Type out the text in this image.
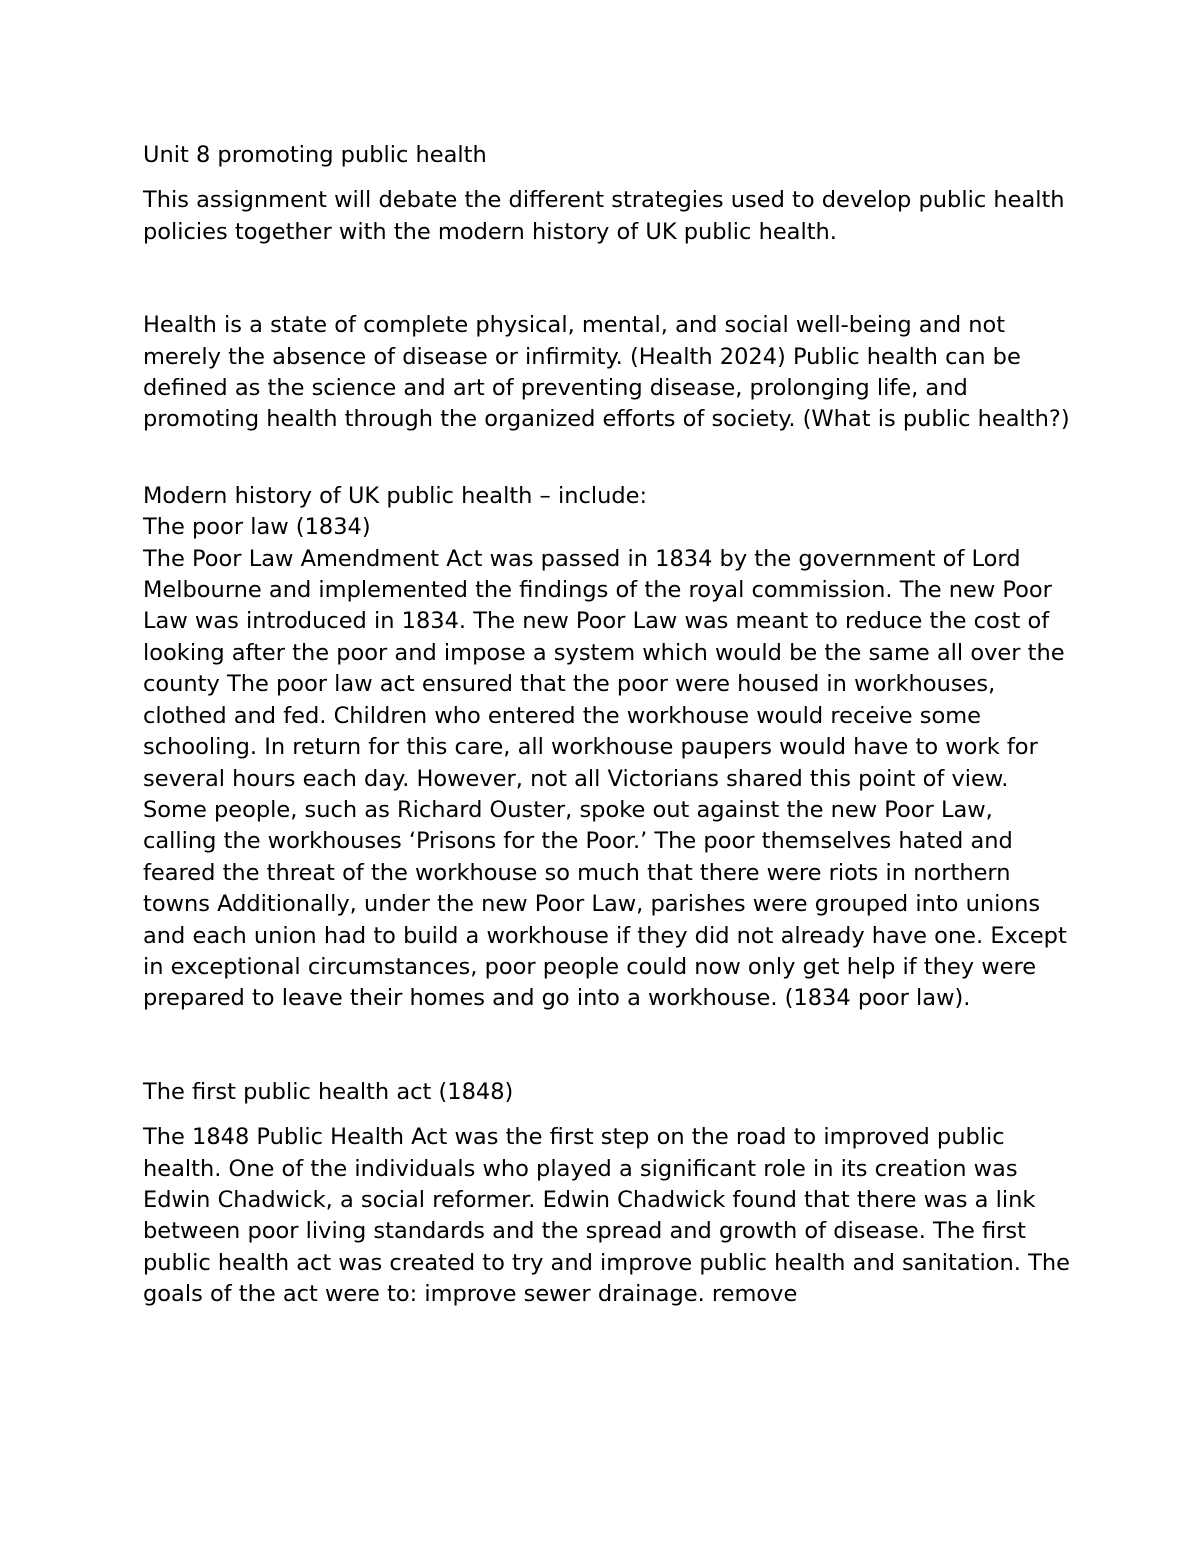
Unit 8 promoting public health

This assignment will debate the different strategies used to develop public health policies together with the modern history of UK public health.

Health is a state of complete physical, mental, and social well-being and not merely the absence of disease or infirmity. (Health 2024) Public health can be defined as the science and art of preventing disease, prolonging life, and promoting health through the organized efforts of society. (What is public health?)

Modern history of UK public health – include:

The poor law (1834)

The Poor Law Amendment Act was passed in 1834 by the government of Lord Melbourne and implemented the findings of the royal commission. The new Poor Law was introduced in 1834. The new Poor Law was meant to reduce the cost of looking after the poor and impose a system which would be the same all over the county The poor law act ensured that the poor were housed in workhouses, clothed and fed. Children who entered the workhouse would receive some schooling. In return for this care, all workhouse paupers would have to work for several hours each day. However, not all Victorians shared this point of view. Some people, such as Richard Ouster, spoke out against the new Poor Law, calling the workhouses ‘Prisons for the Poor.’ The poor themselves hated and feared the threat of the workhouse so much that there were riots in northern towns Additionally, under the new Poor Law, parishes were grouped into unions and each union had to build a workhouse if they did not already have one. Except in exceptional circumstances, poor people could now only get help if they were prepared to leave their homes and go into a workhouse. (1834 poor law).

The first public health act (1848)

The 1848 Public Health Act was the first step on the road to improved public health. One of the individuals who played a significant role in its creation was Edwin Chadwick, a social reformer. Edwin Chadwick found that there was a link between poor living standards and the spread and growth of disease. The first public health act was created to try and improve public health and sanitation. The goals of the act were to: improve sewer drainage. remove
